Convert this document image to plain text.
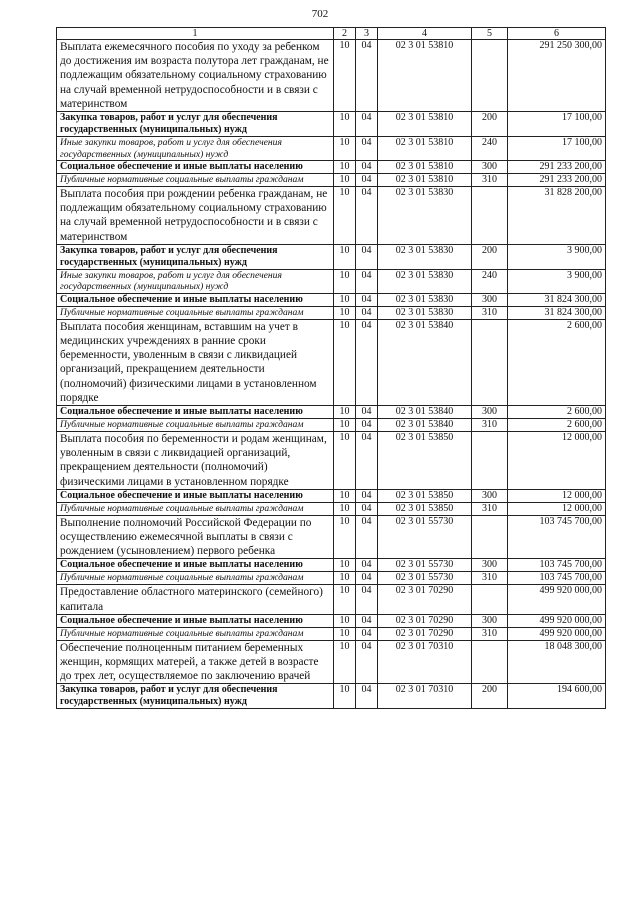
702
1	2	3	4	5	6
Выплата ежемесячного пособия по уходу за ребенком до достижения им возраста полутора лет гражданам, не подлежащим обязательному социальному страхованию на случай временной нетрудоспособности и в связи с материнством	10	04	02 3 01 53810		291 250 300,00
Закупка товаров, работ и услуг для обеспечения государственных (муниципальных) нужд	10	04	02 3 01 53810	200	17 100,00
Иные закупки товаров, работ и услуг для обеспечения государственных (муниципальных) нужд	10	04	02 3 01 53810	240	17 100,00
Социальное обеспечение и иные выплаты населению	10	04	02 3 01 53810	300	291 233 200,00
Публичные нормативные социальные выплаты гражданам	10	04	02 3 01 53810	310	291 233 200,00
Выплата пособия при рождении ребенка гражданам, не подлежащим обязательному социальному страхованию на случай временной нетрудоспособности и в связи с материнством	10	04	02 3 01 53830		31 828 200,00
Закупка товаров, работ и услуг для обеспечения государственных (муниципальных) нужд	10	04	02 3 01 53830	200	3 900,00
Иные закупки товаров, работ и услуг для обеспечения государственных (муниципальных) нужд	10	04	02 3 01 53830	240	3 900,00
Социальное обеспечение и иные выплаты населению	10	04	02 3 01 53830	300	31 824 300,00
Публичные нормативные социальные выплаты гражданам	10	04	02 3 01 53830	310	31 824 300,00
Выплата пособия женщинам, вставшим на учет в медицинских учреждениях в ранние сроки беременности, уволенным в связи с ликвидацией организаций, прекращением деятельности (полномочий) физическими лицами в установленном порядке	10	04	02 3 01 53840		2 600,00
Социальное обеспечение и иные выплаты населению	10	04	02 3 01 53840	300	2 600,00
Публичные нормативные социальные выплаты гражданам	10	04	02 3 01 53840	310	2 600,00
Выплата пособия по беременности и родам женщинам, уволенным в связи с ликвидацией организаций, прекращением деятельности (полномочий) физическими лицами в установленном порядке	10	04	02 3 01 53850		12 000,00
Социальное обеспечение и иные выплаты населению	10	04	02 3 01 53850	300	12 000,00
Публичные нормативные социальные выплаты гражданам	10	04	02 3 01 53850	310	12 000,00
Выполнение полномочий Российской Федерации по осуществлению ежемесячной выплаты в связи с рождением (усыновлением) первого ребенка	10	04	02 3 01 55730		103 745 700,00
Социальное обеспечение и иные выплаты населению	10	04	02 3 01 55730	300	103 745 700,00
Публичные нормативные социальные выплаты гражданам	10	04	02 3 01 55730	310	103 745 700,00
Предоставление областного материнского (семейного) капитала	10	04	02 3 01 70290		499 920 000,00
Социальное обеспечение и иные выплаты населению	10	04	02 3 01 70290	300	499 920 000,00
Публичные нормативные социальные выплаты гражданам	10	04	02 3 01 70290	310	499 920 000,00
Обеспечение полноценным питанием беременных женщин, кормящих матерей, а также детей в возрасте до трех лет, осуществляемое по заключению врачей	10	04	02 3 01 70310		18 048 300,00
Закупка товаров, работ и услуг для обеспечения государственных (муниципальных) нужд	10	04	02 3 01 70310	200	194 600,00
